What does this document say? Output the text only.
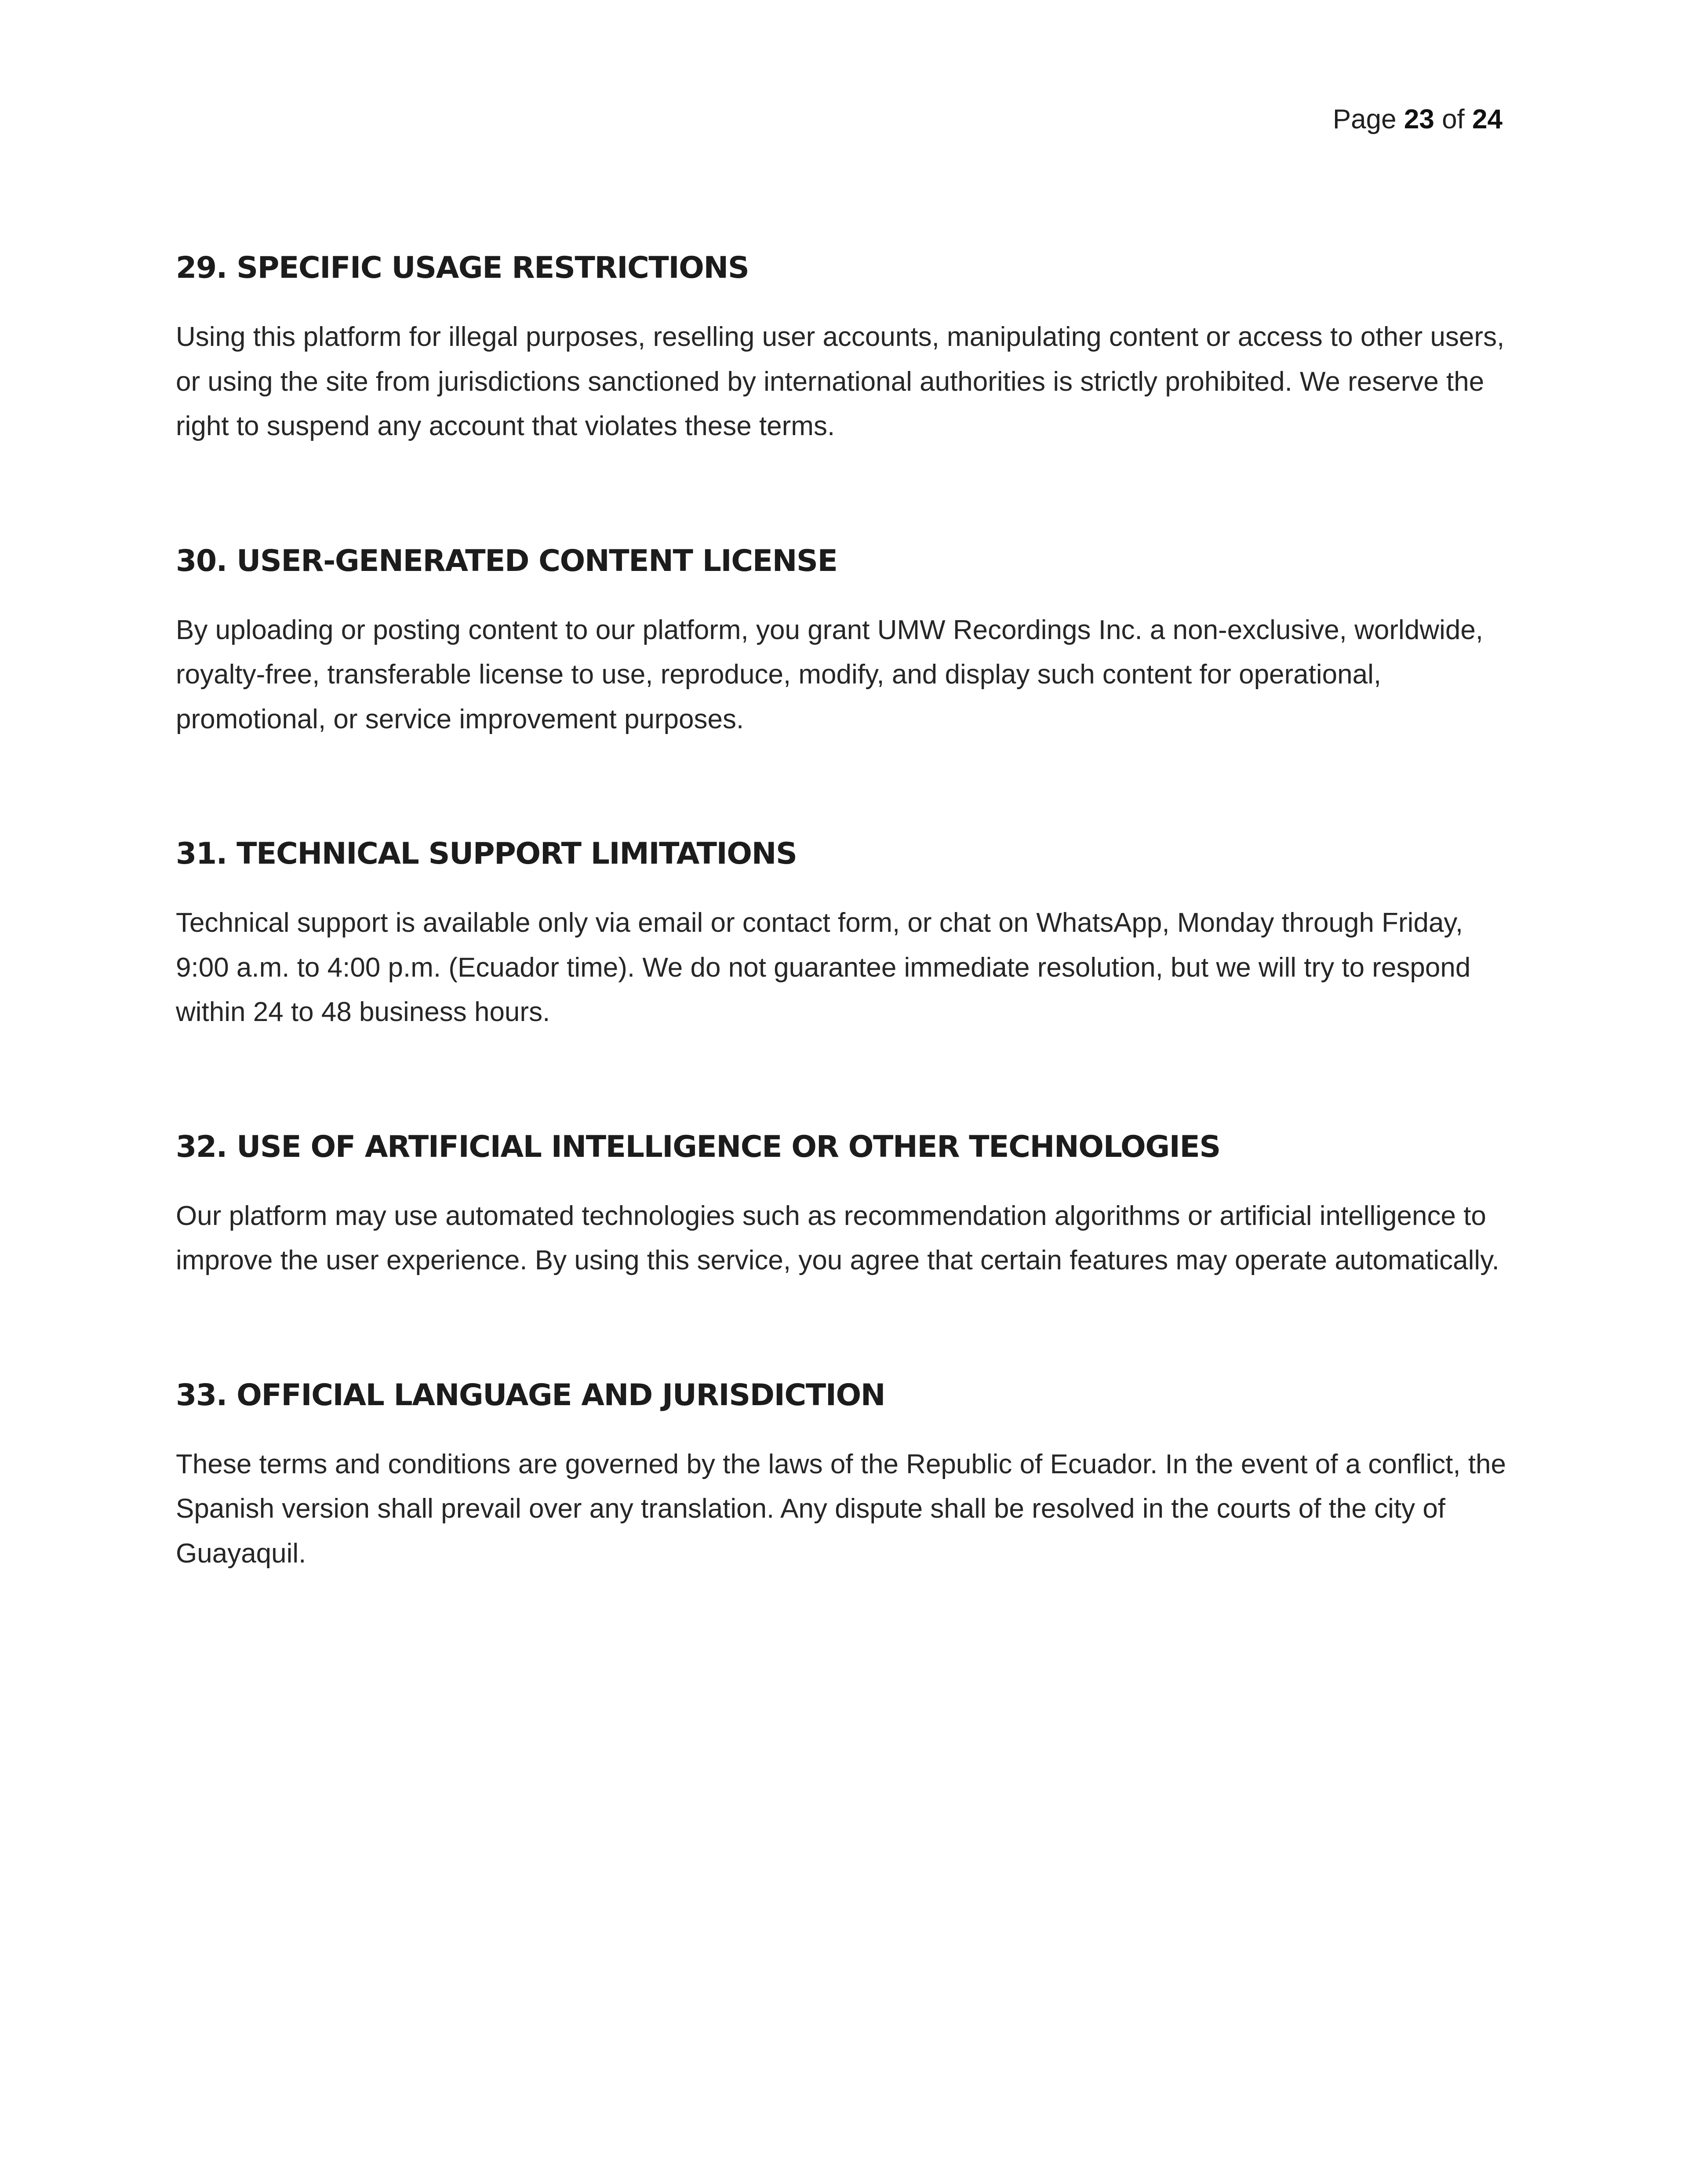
Page 23 of 24
29. SPECIFIC USAGE RESTRICTIONS

Using this platform for illegal purposes, reselling user accounts, manipulating content or access to other users, or using the site from jurisdictions sanctioned by international authorities is strictly prohibited. We reserve the right to suspend any account that violates these terms.

30. USER-GENERATED CONTENT LICENSE

By uploading or posting content to our platform, you grant UMW Recordings Inc. a non-exclusive, worldwide, royalty-free, transferable license to use, reproduce, modify, and display such content for operational, promotional, or service improvement purposes.

31. TECHNICAL SUPPORT LIMITATIONS

Technical support is available only via email or contact form, or chat on WhatsApp, Monday through Friday, 9:00 a.m. to 4:00 p.m. (Ecuador time). We do not guarantee immediate resolution, but we will try to respond within 24 to 48 business hours.

32. USE OF ARTIFICIAL INTELLIGENCE OR OTHER TECHNOLOGIES

Our platform may use automated technologies such as recommendation algorithms or artificial intelligence to improve the user experience. By using this service, you agree that certain features may operate automatically.

33. OFFICIAL LANGUAGE AND JURISDICTION

These terms and conditions are governed by the laws of the Republic of Ecuador. In the event of a conflict, the Spanish version shall prevail over any translation. Any dispute shall be resolved in the courts of the city of Guayaquil.
